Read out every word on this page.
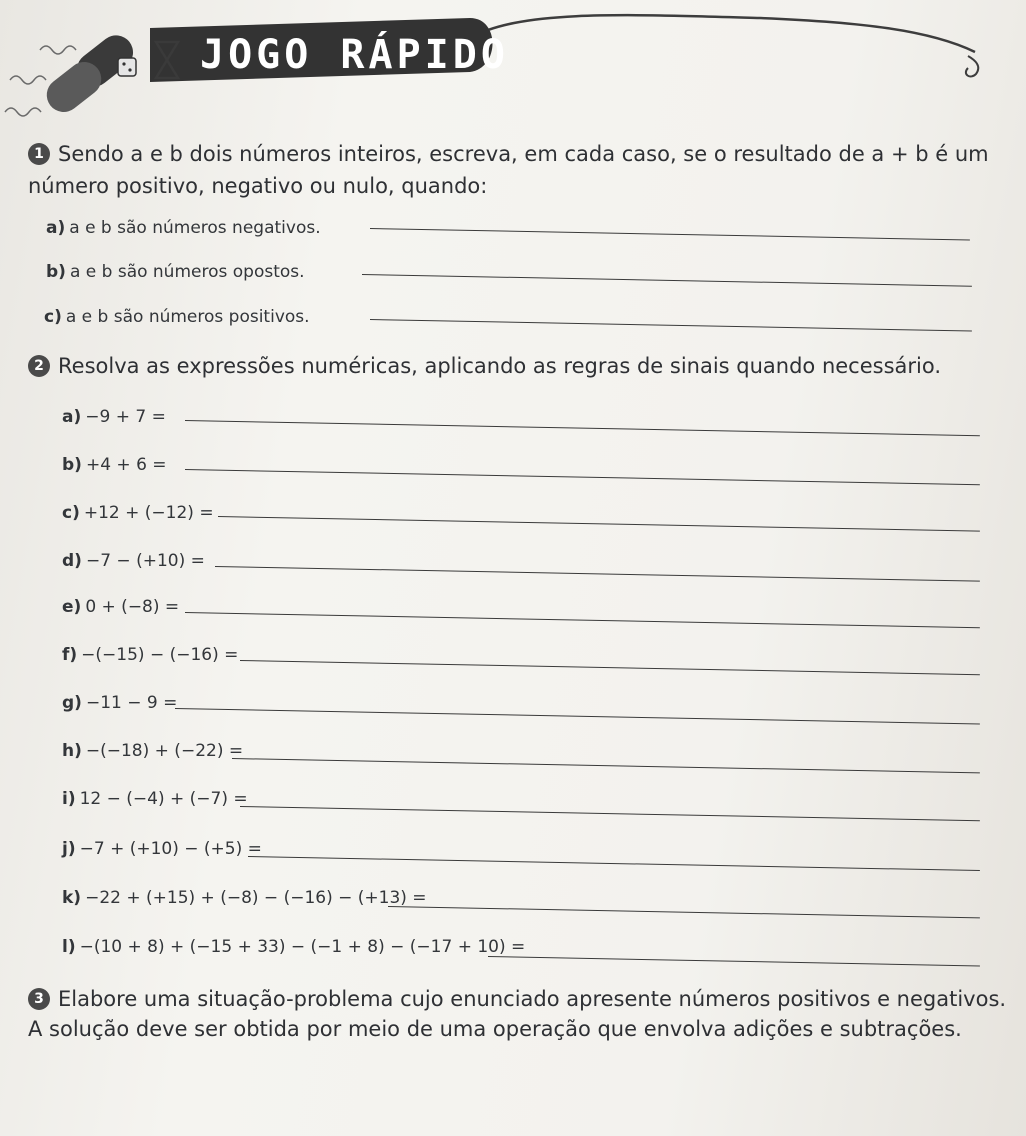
JOGO RÁPIDO
1 Sendo a e b dois números inteiros, escreva, em cada caso, se o resultado de a + b é um número positivo, negativo ou nulo, quando:
a) a e b são números negativos.
b) a e b são números opostos.
c) a e b são números positivos.
2 Resolva as expressões numéricas, aplicando as regras de sinais quando necessário.
a) −9 + 7 =
b) +4 + 6 =
c) +12 + (−12) =
d) −7 − (+10) =
e) 0 + (−8) =
f) −(−15) − (−16) =
g) −11 − 9 =
h) −(−18) + (−22) =
i) 12 − (−4) + (−7) =
j) −7 + (+10) − (+5) =
k) −22 + (+15) + (−8) − (−16) − (+13) =
l) −(10 + 8) + (−15 + 33) − (−1 + 8) − (−17 + 10) =
3 Elabore uma situação-problema cujo enunciado apresente números positivos e negativos. A solução deve ser obtida por meio de uma operação que envolva adições e subtrações.
